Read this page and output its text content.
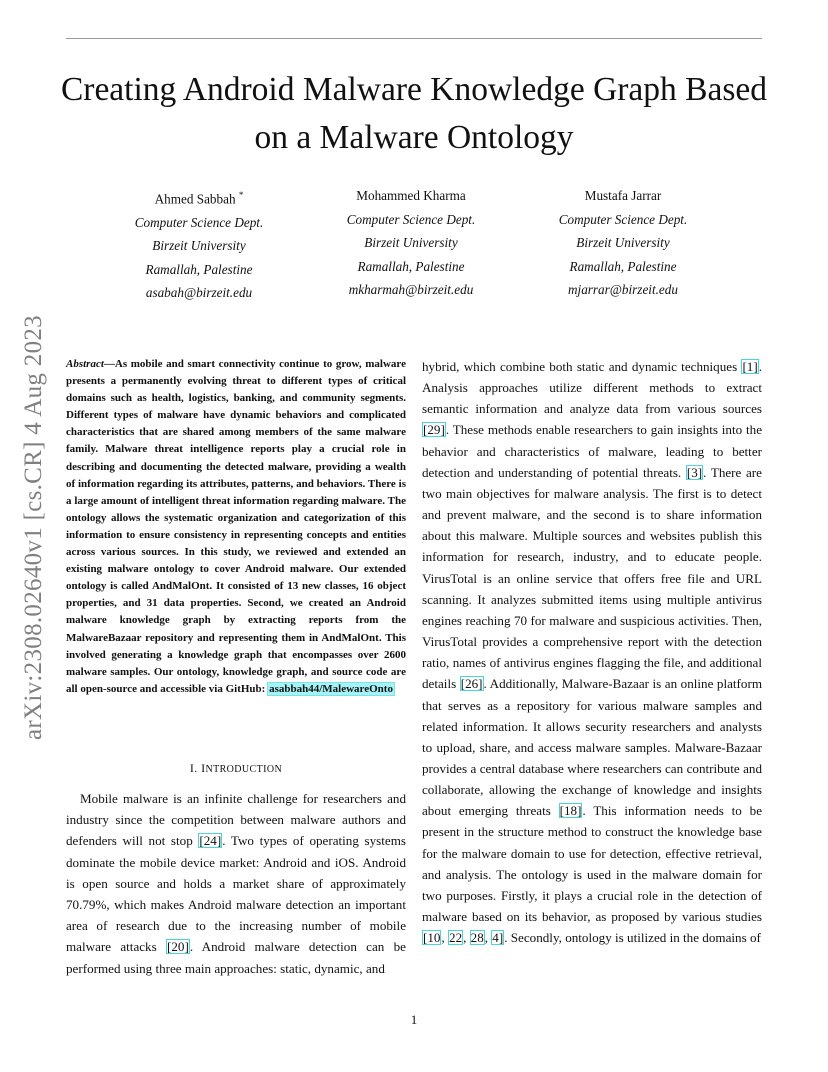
arXiv:2308.02640v1 [cs.CR] 4 Aug 2023
Creating Android Malware Knowledge Graph Based
on a Malware Ontology
Ahmed Sabbah *
Computer Science Dept.
Birzeit University
Ramallah, Palestine
asabah@birzeit.edu
Mohammed Kharma
Computer Science Dept.
Birzeit University
Ramallah, Palestine
mkharmah@birzeit.edu
Mustafa Jarrar
Computer Science Dept.
Birzeit University
Ramallah, Palestine
mjarrar@birzeit.edu
Abstract—As mobile and smart connectivity continue to grow, malware presents a permanently evolving threat to different types of critical domains such as health, logistics, banking, and community segments. Different types of malware have dynamic behaviors and complicated characteristics that are shared among members of the same malware family. Malware threat intelligence reports play a crucial role in describing and documenting the detected malware, providing a wealth of information regarding its attributes, patterns, and behaviors. There is a large amount of intelligent threat information regarding malware. The ontology allows the systematic organization and categorization of this information to ensure consistency in representing concepts and entities across various sources. In this study, we reviewed and extended an existing malware ontology to cover Android malware. Our extended ontology is called AndMalOnt. It consisted of 13 new classes, 16 object properties, and 31 data properties. Second, we created an Android malware knowledge graph by extracting reports from the MalwareBazaar repository and representing them in AndMalOnt. This involved generating a knowledge graph that encompasses over 2600 malware samples. Our ontology, knowledge graph, and source code are all open-source and accessible via GitHub: asabbah44/MalewareOnto
I. INTRODUCTION

Mobile malware is an infinite challenge for researchers and industry since the competition between malware authors and defenders will not stop [24]. Two types of operating systems dominate the mobile device market: Android and iOS. Android is open source and holds a market share of approximately 70.79%, which makes Android malware detection an important area of research due to the increasing number of mobile malware attacks [20]. Android malware detection can be performed using three main approaches: static, dynamic, and

hybrid, which combine both static and dynamic techniques [1]. Analysis approaches utilize different methods to extract semantic information and analyze data from various sources [29]. These methods enable researchers to gain insights into the behavior and characteristics of malware, leading to better detection and understanding of potential threats. [3]. There are two main objectives for malware analysis. The first is to detect and prevent malware, and the second is to share information about this malware. Multiple sources and websites publish this information for research, industry, and to educate people. VirusTotal is an online service that offers free file and URL scanning. It analyzes submitted items using multiple antivirus engines reaching 70 for malware and suspicious activities. Then, VirusTotal provides a comprehensive report with the detection ratio, names of antivirus engines flagging the file, and additional details [26]. Additionally, Malware-Bazaar is an online platform that serves as a repository for various malware samples and related information. It allows security researchers and analysts to upload, share, and access malware samples. Malware-Bazaar provides a central database where researchers can contribute and collaborate, allowing the exchange of knowledge and insights about emerging threats [18]. This information needs to be present in the structure method to construct the knowledge base for the malware domain to use for detection, effective retrieval, and analysis. The ontology is used in the malware domain for two purposes. Firstly, it plays a crucial role in the detection of malware based on its behavior, as proposed by various studies [10, 22, 28, 4]. Secondly, ontology is utilized in the domains of

1
